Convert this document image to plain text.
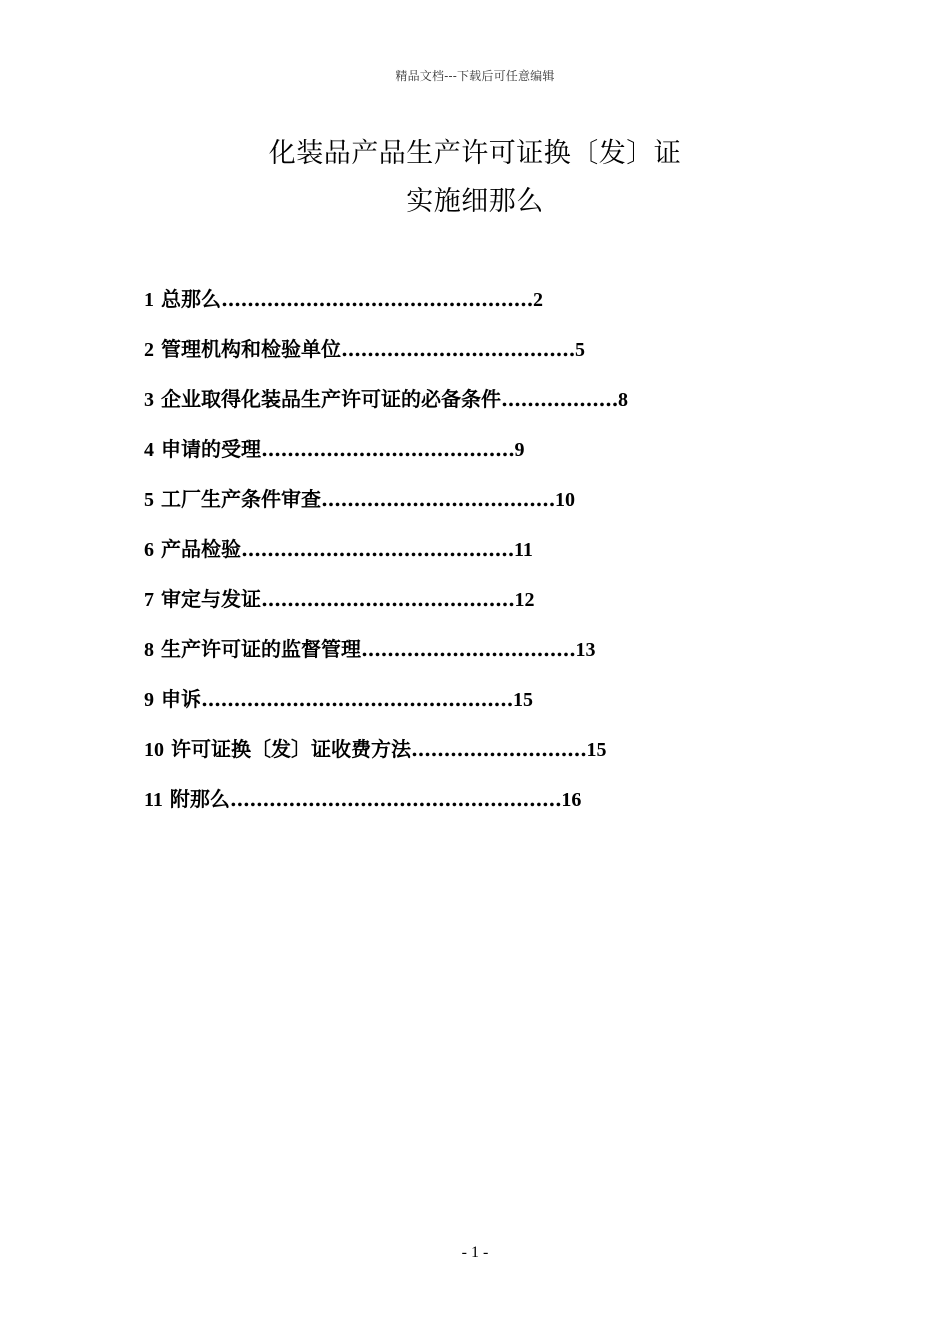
精品文档---下载后可任意编辑
化装品产品生产许可证换〔发〕证
实施细那么
1 总那么…………………………………………2
2 管理机构和检验单位………………………………5
3 企业取得化装品生产许可证的必备条件………………8
4 申请的受理…………………………………9
5 工厂生产条件审查………………………………10
6 产品检验……………………………………11
7 审定与发证…………………………………12
8 生产许可证的监督管理……………………………13
9 申诉…………………………………………15
10 许可证换〔发〕证收费方法………………………15
11 附那么……………………………………………16
- 1 -
